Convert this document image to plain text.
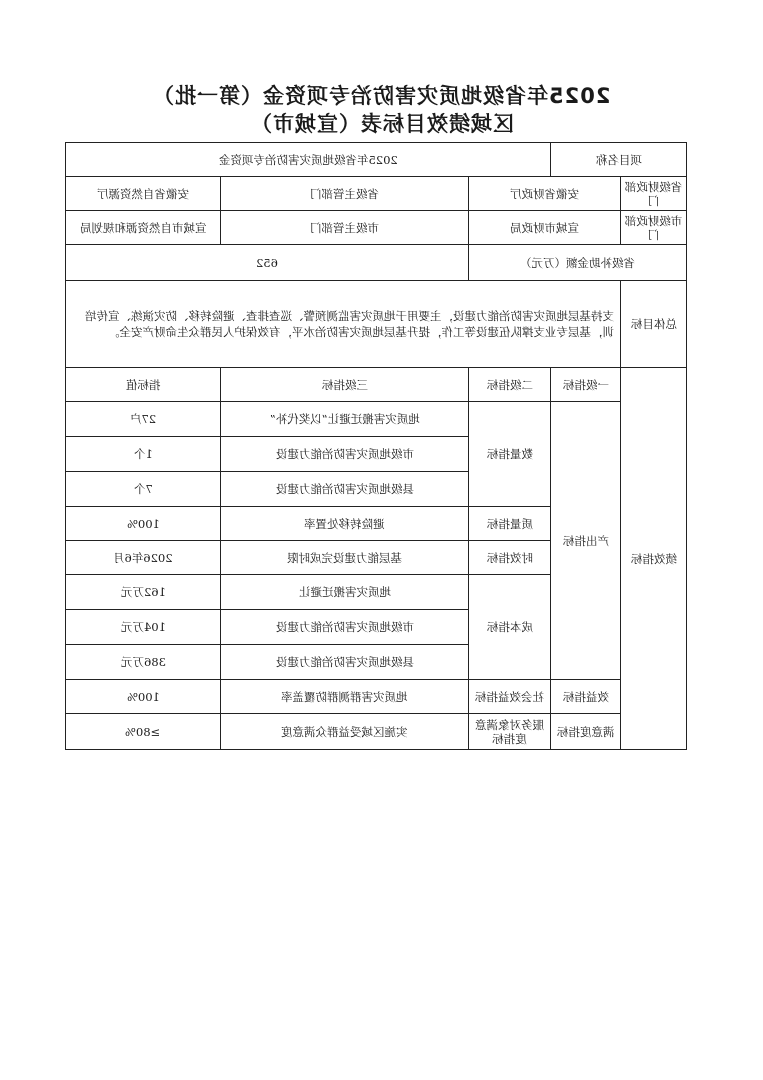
2025年省级地质灾害防治专项资金（第一批）
区域绩效目标表（宣城市）
2025年省级地质灾害防治专项资金			项目名称	
安徽省自然资源厅	省级主管部门	安徽省财政厅		省级财政部门
宣城市自然资源和规划局	市级主管部门	宣城市财政局		市级财政部门
652		省级补助金额（万元）		
支持基层地质灾害防治能力建设，主要用于地质灾害监测预警、巡查排查、避险转移、防灾演练、宣传培训，基层专业支撑队伍建设等工作，提升基层地质灾害防治水平，有效保护人民群众生命财产安全。				总体目标
指标值	三级指标	二级指标	一级指标	绩效指标
27户	地质灾害搬迁避让“以奖代补”	数量指标	产出指标	
1个	市级地质灾害防治能力建设			
7个	县级地质灾害防治能力建设			
100%	避险转移处置率	质量指标		
2026年6月	基层能力建设完成时限	时效指标		
162万元	地质灾害搬迁避让	成本指标		
104万元	市级地质灾害防治能力建设			
386万元	县级地质灾害防治能力建设			
100%	地质灾害群测群防覆盖率	社会效益指标	效益指标	
≥80%	实施区域受益群众满意度	服务对象满意度指标	满意度指标	
